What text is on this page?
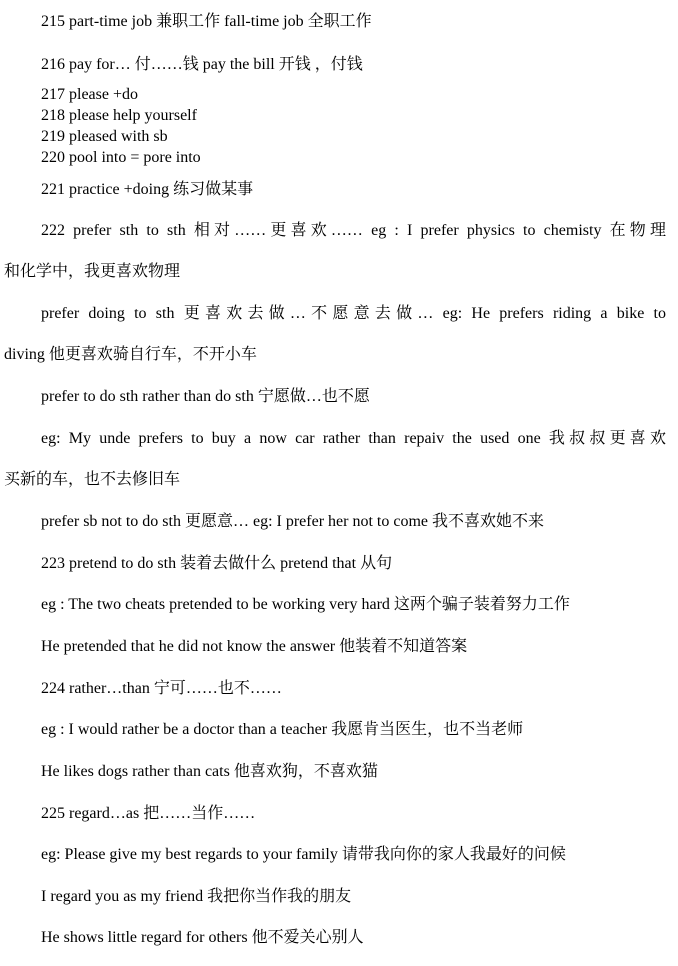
215 part-time job 兼职工作 fall-time job 全职工作
216 pay for… 付……钱 pay the bill 开钱 ，付钱
217 please +do
218 please help yourself
219 pleased with sb
220 pool into = pore into
221 practice +doing 练习做某事
222 prefer sth to sth 相对……更喜欢…… eg : I prefer physics to chemisty 在物理
和化学中，我更喜欢物理
prefer doing to sth 更喜欢去做…不愿意去做… eg: He prefers riding a bike to
diving 他更喜欢骑自行车，不开小车
prefer to do sth rather than do sth 宁愿做…也不愿
eg: My unde prefers to buy a now car rather than repaiv the used one 我叔叔更喜欢
买新的车，也不去修旧车
prefer sb not to do sth 更愿意… eg: I prefer her not to come 我不喜欢她不来
223 pretend to do sth 装着去做什么 pretend that 从句
eg : The two cheats pretended to be working very hard 这两个骗子装着努力工作
He pretended that he did not know the answer 他装着不知道答案
224 rather…than 宁可……也不……
eg : I would rather be a doctor than a teacher 我愿肯当医生，也不当老师
He likes dogs rather than cats 他喜欢狗，不喜欢猫
225 regard…as 把……当作……
eg: Please give my best regards to your family 请带我向你的家人我最好的问候
I regard you as my friend 我把你当作我的朋友
He shows little regard for others 他不爱关心别人
